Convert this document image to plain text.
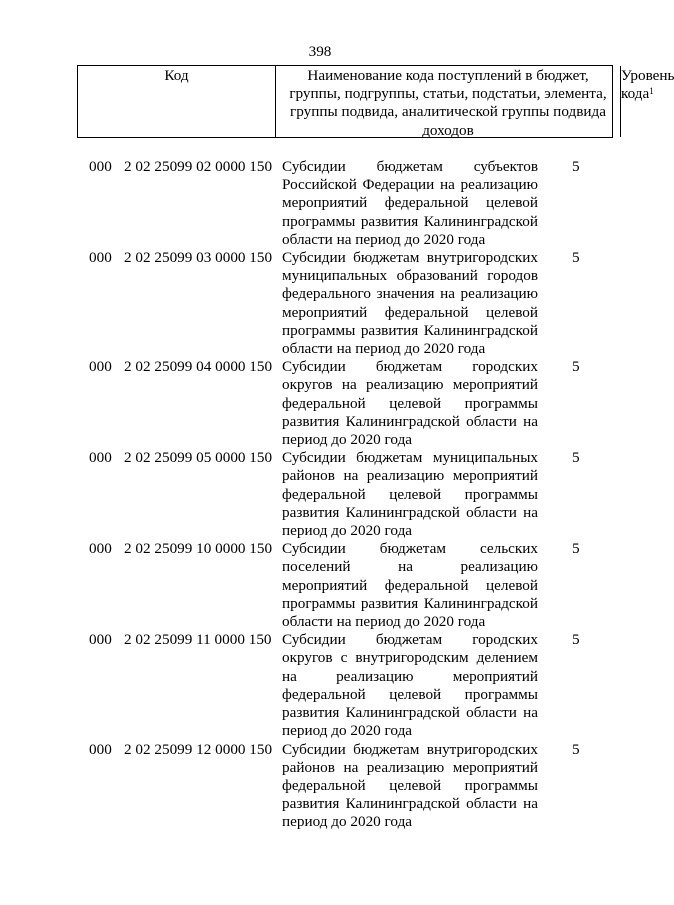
398
Код	Наименование кода поступлений в бюджет, группы, подгруппы, статьи, подстатьи, элемента, группы подвида, аналитической группы подвида доходов
Уровень кода$^1$
000 2 02 25099 02 0000 150 Субсидии бюджетам субъектов Российской Федерации на реализацию мероприятий федеральной целевой программы развития Калининградской области на период до 2020 года
5
000 2 02 25099 03 0000 150 Субсидии бюджетам внутригородских муниципальных образований городов федерального значения на реализацию мероприятий федеральной целевой программы развития Калининградской области на период до 2020 года
5
000 2 02 25099 04 0000 150 Субсидии бюджетам городских округов на реализацию мероприятий федеральной целевой программы развития Калининградской области на период до 2020 года
5
000 2 02 25099 05 0000 150 Субсидии бюджетам муниципальных районов на реализацию мероприятий федеральной целевой программы развития Калининградской области на период до 2020 года
5
000 2 02 25099 10 0000 150 Субсидии бюджетам сельских поселений на реализацию мероприятий федеральной целевой программы развития Калининградской области на период до 2020 года
5
000 2 02 25099 11 0000 150 Субсидии бюджетам городских округов с внутригородским делением на реализацию мероприятий федеральной целевой программы развития Калининградской области на период до 2020 года
5
000 2 02 25099 12 0000 150 Субсидии бюджетам внутригородских районов на реализацию мероприятий федеральной целевой программы развития Калининградской области на период до 2020 года
5
